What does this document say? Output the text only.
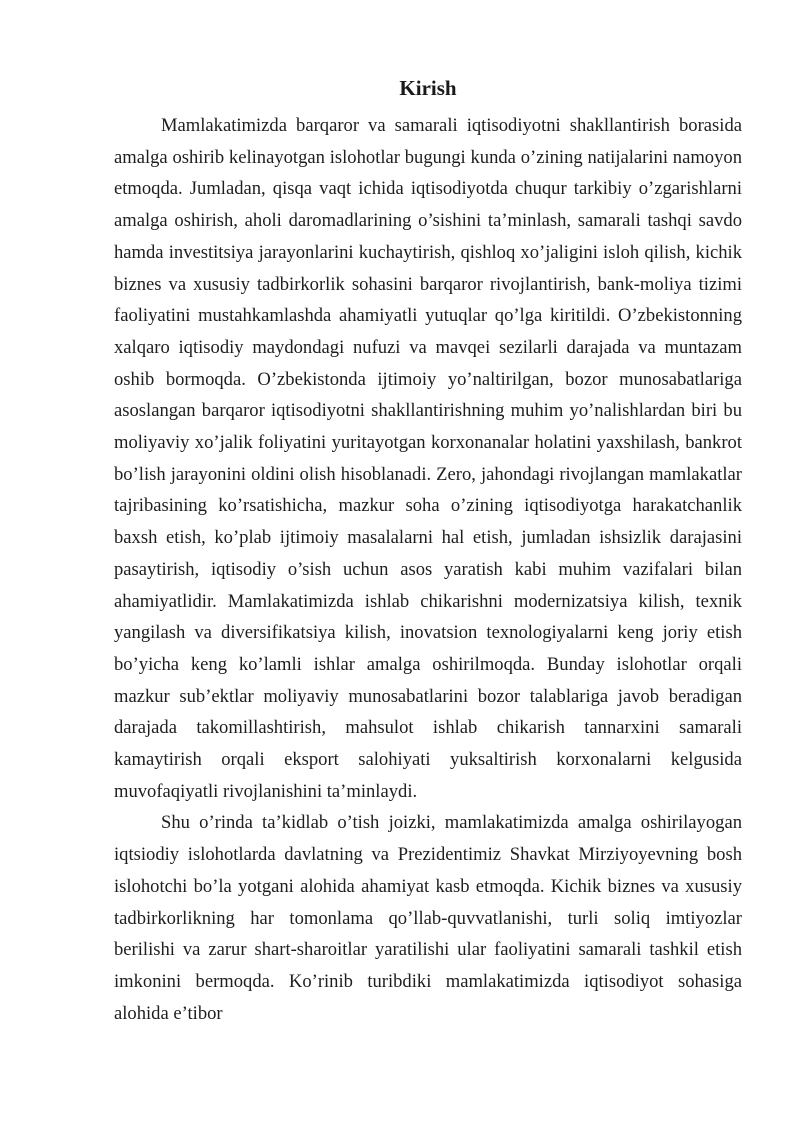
Kirish

Mamlakatimizda barqaror va samarali iqtisodiyotni shakllantirish borasida amalga oshirib kelinayotgan islohotlar bugungi kunda o’zining natijalarini namoyon etmoqda. Jumladan, qisqa vaqt ichida iqtisodiyotda chuqur tarkibiy o’zgarishlarni amalga oshirish, aholi daromadlarining o’sishini ta’minlash, samarali tashqi savdo hamda investitsiya jarayonlarini kuchaytirish, qishloq xo’jaligini isloh qilish, kichik biznes va xususiy tadbirkorlik sohasini barqaror rivojlantirish, bank-moliya tizimi faoliyatini mustahkamlashda ahamiyatli yutuqlar qo’lga kiritildi. O’zbekistonning xalqaro iqtisodiy maydondagi nufuzi va mavqei sezilarli darajada va muntazam oshib bormoqda. O’zbekistonda ijtimoiy yo’naltirilgan, bozor munosabatlariga asoslangan barqaror iqtisodiyotni shakllantirishning muhim yo’nalishlardan biri bu moliyaviy xo’jalik foliyatini yuritayotgan korxonanalar holatini yaxshilash, bankrot bo’lish jarayonini oldini olish hisoblanadi. Zero, jahondagi rivojlangan mamlakatlar tajribasining ko’rsatishicha, mazkur soha o’zining iqtisodiyotga harakatchanlik baxsh etish, ko’plab ijtimoiy masalalarni hal etish, jumladan ishsizlik darajasini pasaytirish, iqtisodiy o’sish uchun asos yaratish kabi muhim vazifalari bilan ahamiyatlidir. Mamlakatimizda ishlab chikarishni modernizatsiya kilish, texnik yangilash va diversifikatsiya kilish, inovatsion texnologiyalarni keng joriy etish bo’yicha keng ko’lamli ishlar amalga oshirilmoqda. Bunday islohotlar orqali mazkur sub’ektlar moliyaviy munosabatlarini bozor talablariga javob beradigan darajada takomillashtirish, mahsulot ishlab chikarish tannarxini samarali kamaytirish orqali eksport salohiyati yuksaltirish korxonalarni kelgusida muvofaqiyatli rivojlanishini ta’minlaydi.

Shu o’rinda ta’kidlab o’tish joizki, mamlakatimizda amalga oshirilayogan iqtsiodiy islohotlarda davlatning va Prezidentimiz Shavkat Mirziyoyevning bosh islohotchi bo’la yotgani alohida ahamiyat kasb etmoqda. Kichik biznes va xususiy tadbirkorlikning har tomonlama qo’llab-quvvatlanishi, turli soliq imtiyozlar berilishi va zarur shart-sharoitlar yaratilishi ular faoliyatini samarali tashkil etish imkonini bermoqda. Ko’rinib turibdiki mamlakatimizda iqtisodiyot sohasiga alohida e’tibor
